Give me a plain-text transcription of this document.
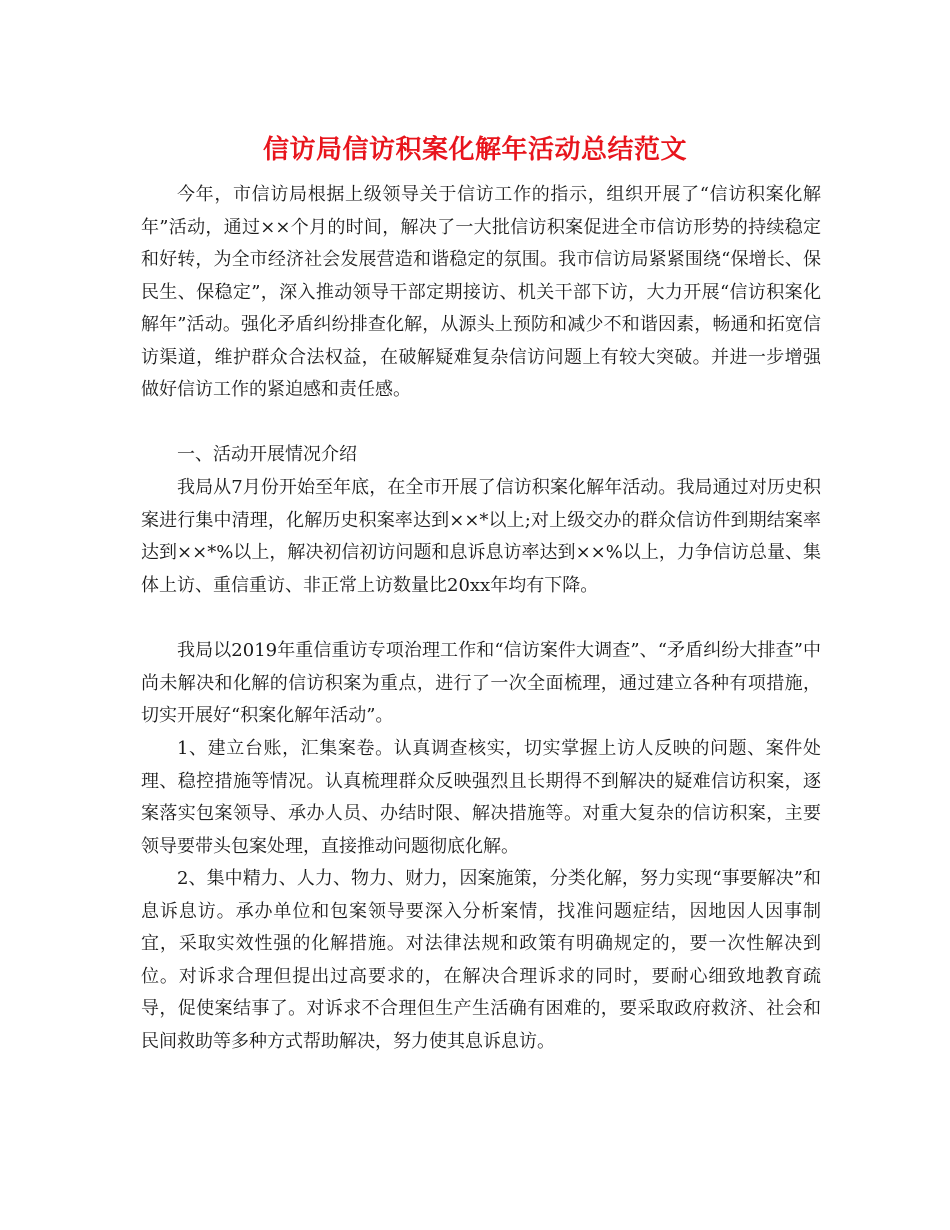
信访局信访积案化解年活动总结范文

今年，市信访局根据上级领导关于信访工作的指示，组织开展了“信访积案化解年”活动，通过××个月的时间，解决了一大批信访积案促进全市信访形势的持续稳定和好转，为全市经济社会发展营造和谐稳定的氛围。我市信访局紧紧围绕“保增长、保民生、保稳定”，深入推动领导干部定期接访、机关干部下访，大力开展“信访积案化解年”活动。强化矛盾纠纷排查化解，从源头上预防和减少不和谐因素，畅通和拓宽信访渠道，维护群众合法权益，在破解疑难复杂信访问题上有较大突破。并进一步增强做好信访工作的紧迫感和责任感。

一、活动开展情况介绍

我局从7月份开始至年底，在全市开展了信访积案化解年活动。我局通过对历史积案进行集中清理，化解历史积案率达到××*以上;对上级交办的群众信访件到期结案率达到××*%以上，解决初信初访问题和息诉息访率达到××%以上，力争信访总量、集体上访、重信重访、非正常上访数量比20xx年均有下降。

我局以2019年重信重访专项治理工作和“信访案件大调查”、“矛盾纠纷大排查”中尚未解决和化解的信访积案为重点，进行了一次全面梳理，通过建立各种有项措施，切实开展好“积案化解年活动”。

1、建立台账，汇集案卷。认真调查核实，切实掌握上访人反映的问题、案件处理、稳控措施等情况。认真梳理群众反映强烈且长期得不到解决的疑难信访积案，逐案落实包案领导、承办人员、办结时限、解决措施等。对重大复杂的信访积案，主要领导要带头包案处理，直接推动问题彻底化解。

2、集中精力、人力、物力、财力，因案施策，分类化解，努力实现“事要解决”和息诉息访。承办单位和包案领导要深入分析案情，找准问题症结，因地因人因事制宜，采取实效性强的化解措施。对法律法规和政策有明确规定的，要一次性解决到位。对诉求合理但提出过高要求的，在解决合理诉求的同时，要耐心细致地教育疏导，促使案结事了。对诉求不合理但生产生活确有困难的，要采取政府救济、社会和民间救助等多种方式帮助解决，努力使其息诉息访。
